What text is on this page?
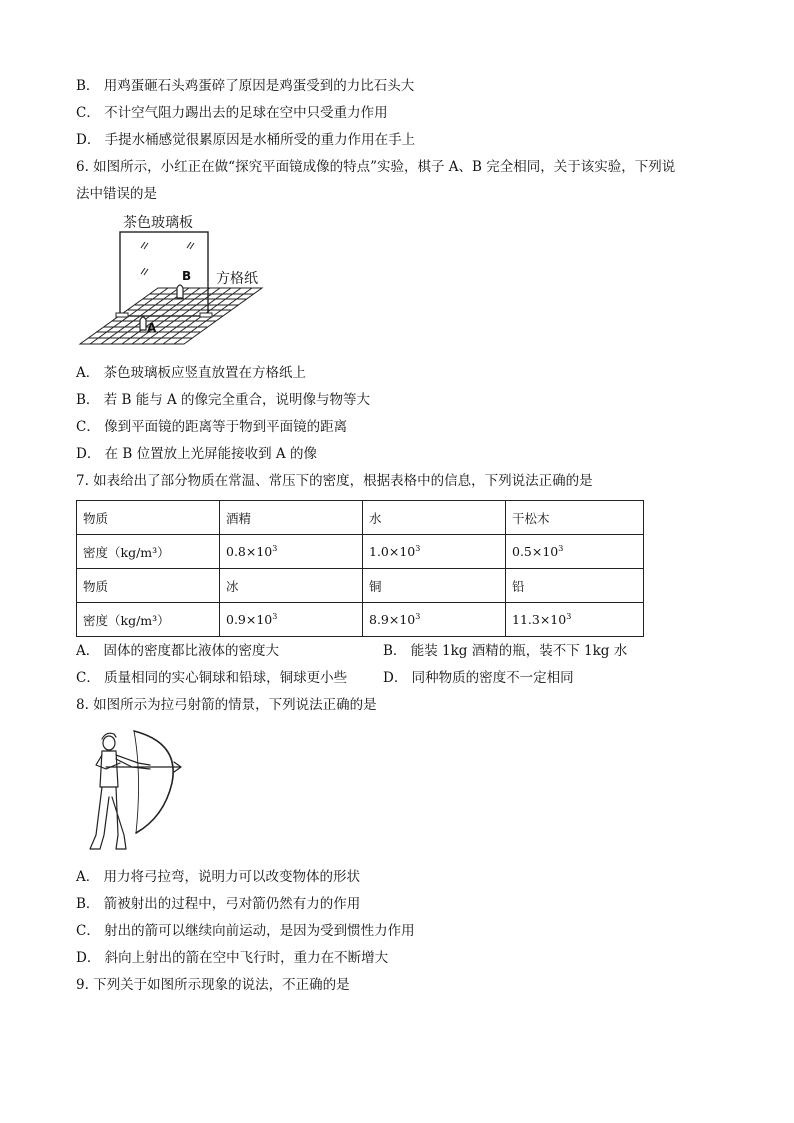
B． 用鸡蛋砸石头鸡蛋碎了原因是鸡蛋受到的力比石头大
C． 不计空气阻力踢出去的足球在空中只受重力作用
D． 手提水桶感觉很累原因是水桶所受的重力作用在手上
6. 如图所示，小红正在做“探究平面镜成像的特点”实验，棋子 A、B 完全相同，关于该实验，下列说
法中错误的是
茶色玻璃板
方格纸
B
A
A． 茶色玻璃板应竖直放置在方格纸上
B． 若 B 能与 A 的像完全重合，说明像与物等大
C． 像到平面镜的距离等于物到平面镜的距离
D． 在 B 位置放上光屏能接收到 A 的像
7. 如表给出了部分物质在常温、常压下的密度，根据表格中的信息，下列说法正确的是
物质	酒精	水	干松木
密度（kg/m³）	$0.8\times 10^3$	$1.0\times 10^3$	$0.5\times 10^3$
物质	冰	铜	铅
密度（kg/m³）	$0.9\times 10^3$	$8.9\times 10^3$	$11.3\times 10^3$
A． 固体的密度都比液体的密度大	B． 能装 1kg 酒精的瓶，装不下 1kg 水
C． 质量相同的实心铜球和铅球，铜球更小些	D． 同种物质的密度不一定相同
8. 如图所示为拉弓射箭的情景，下列说法正确的是
A． 用力将弓拉弯，说明力可以改变物体的形状
B． 箭被射出的过程中，弓对箭仍然有力的作用
C． 射出的箭可以继续向前运动，是因为受到惯性力作用
D． 斜向上射出的箭在空中飞行时，重力在不断增大
9. 下列关于如图所示现象的说法，不正确的是
